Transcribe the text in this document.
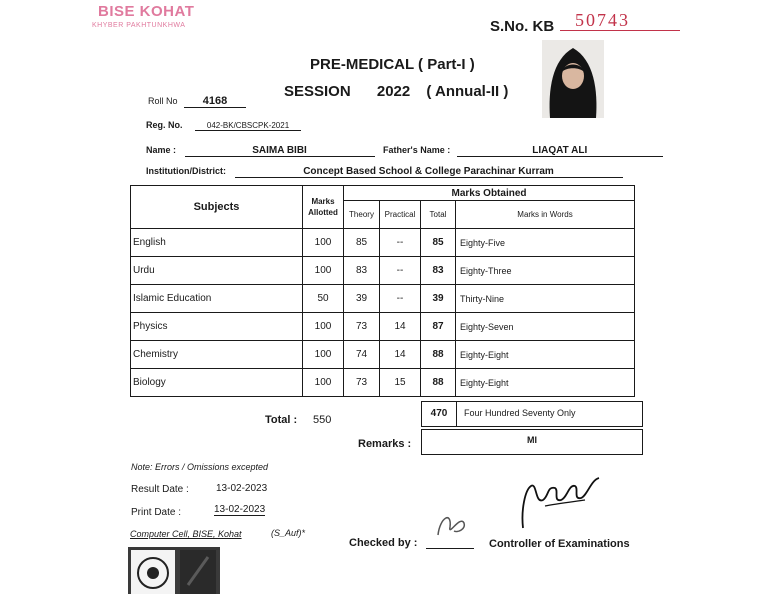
BISE KOHAT
KHYBER PAKHTUNKHWA	S.No. KB 50743
PRE-MEDICAL ( Part-I )
SESSION 2022 ( Annual-II )
Roll No 4168
Reg. No.	042-BK/CBSCPK-2021
Name :	SAIMA BIBI	Father's Name :	LIAQAT ALI
Institution/District:	Concept Based School & College Parachinar Kurram
Subjects	Marks Allotted	Marks Obtained			
		Theory	Practical	Total	Marks in Words
English	100	85	--	85	Eighty-Five
Urdu	100	83	--	83	Eighty-Three
Islamic Education	50	39	--	39	Thirty-Nine
Physics	100	73	14	87	Eighty-Seven
Chemistry	100	74	14	88	Eighty-Eight
Biology	100	73	15	88	Eighty-Eight
Total : 550
470	Four Hundred Seventy Only
Remarks :	MI
Note: Errors / Omissions excepted
Result Date :	13-02-2023
Print Date :	13-02-2023
Computer Cell, BISE, Kohat	(S_Auf)*
Checked by :	Controller of Examinations
